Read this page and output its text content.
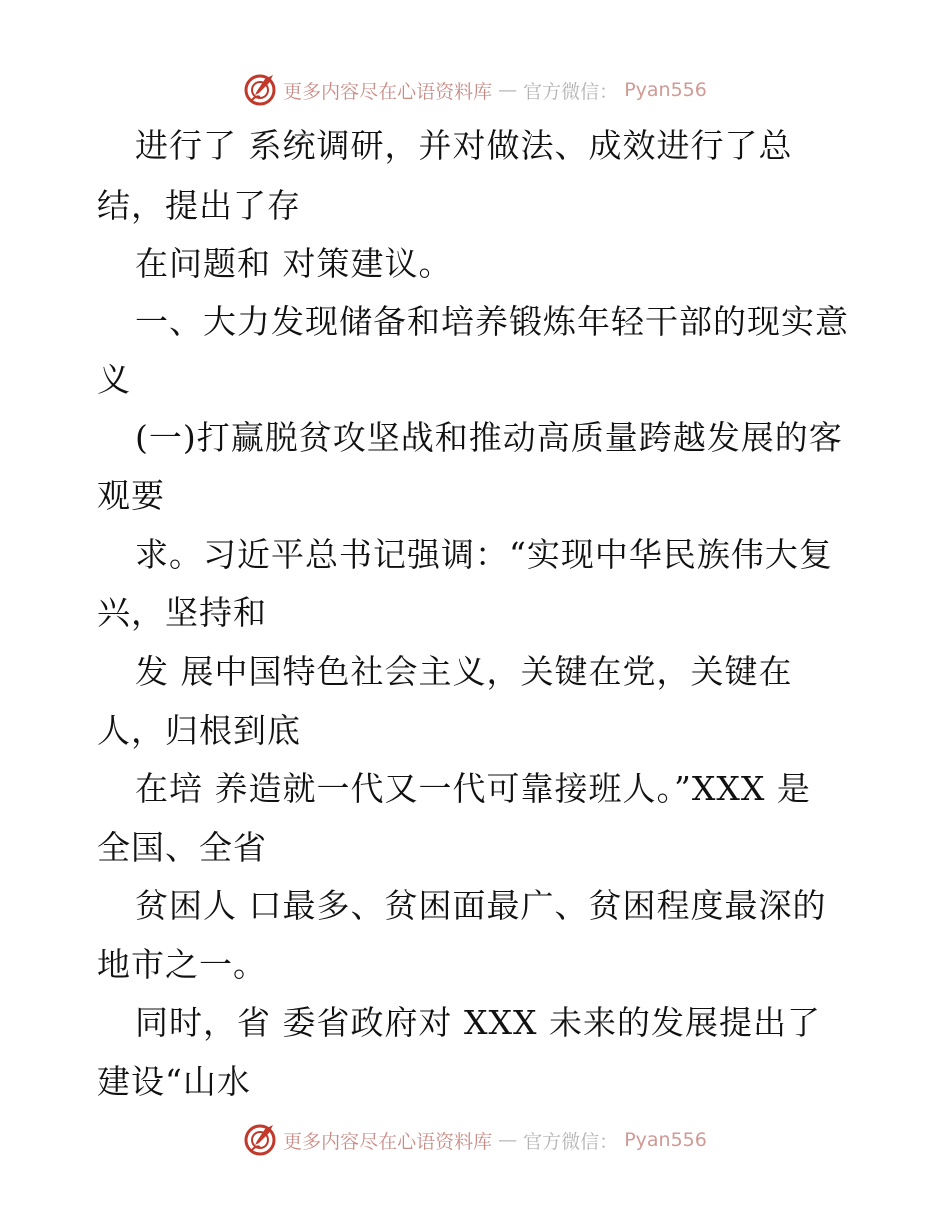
更多内容尽在心语资料库 — 官方微信： Pyan556
进行了 系统调研，并对做法、成效进行了总
结，提出了存
在问题和 对策建议。
一、大力发现储备和培养锻炼年轻干部的现实意
义
(一)打赢脱贫攻坚战和推动高质量跨越发展的客
观要
求。习近平总书记强调：“实现中华民族伟大复
兴，坚持和
发 展中国特色社会主义，关键在党，关键在
人，归根到底
在培 养造就一代又一代可靠接班人。”XXX 是
全国、全省
贫困人 口最多、贫困面最广、贫困程度最深的
地市之一。
同时，省 委省政府对 XXX 未来的发展提出了
建设“山水
更多内容尽在心语资料库 — 官方微信： Pyan556
